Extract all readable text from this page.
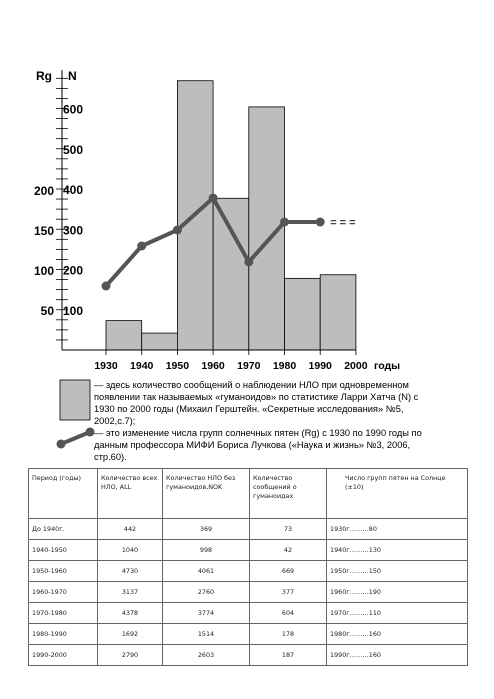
= = =
Rg N
100
200
300
400
500
600
50
100
150
200
1930 1940 1950 1960 1970 1980 1990 2000 годы
— здесь количество сообщений о наблюдении НЛО при одновременном появлении так называемых «гуманоидов» по статистике Ларри Хатча (N) с 1930 по 2000 годы (Михаил Герштейн. «Секретные исследования» №5, 2002,с.7);
— это изменение числа групп солнечных пятен (Rg) с 1930 по 1990 годы по данным профессора МИФИ Бориса Лучкова («Наука и жизнь» №3, 2006, стр.60).
Период (годы)	Количество всех НЛО, ALL	Количество НЛО без гуманоидов,NOK	Количество сообщений о гуманоидах	Число групп пятен на Солнце (±10)
До 1940г.	442	369	73	1930г………80
1940-1950	1040	998	42	1940г………130
1950-1960	4730	4061	669	1950г………150
1960-1970	3137	2760	377	1960г………190
1970-1980	4378	3774	604	1970г………110
1980-1990	1692	1514	178	1980г………160
1990-2000	2790	2603	187	1990г………160
